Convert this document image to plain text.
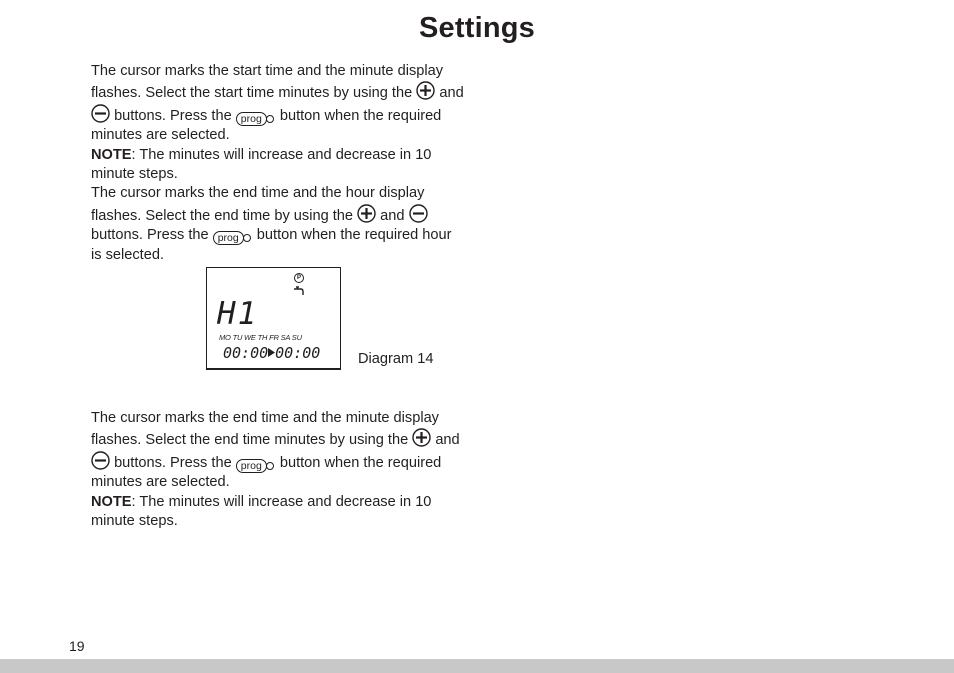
Settings

The cursor marks the start time and the minute display

flashes. Select the start time minutes by using the and

buttons. Press the prog button when the required

minutes are selected.

NOTE: The minutes will increase and decrease in 10

minute steps.

The cursor marks the end time and the hour display

flashes. Select the end time by using the and

buttons. Press the prog button when the required hour

is selected.

P
H1
MO TU WE TH FR SA SU
00:00 00:00	Diagram 14

The cursor marks the end time and the minute display

flashes. Select the end time minutes by using the and

buttons. Press the prog button when the required

minutes are selected.

NOTE: The minutes will increase and decrease in 10

minute steps.

19
